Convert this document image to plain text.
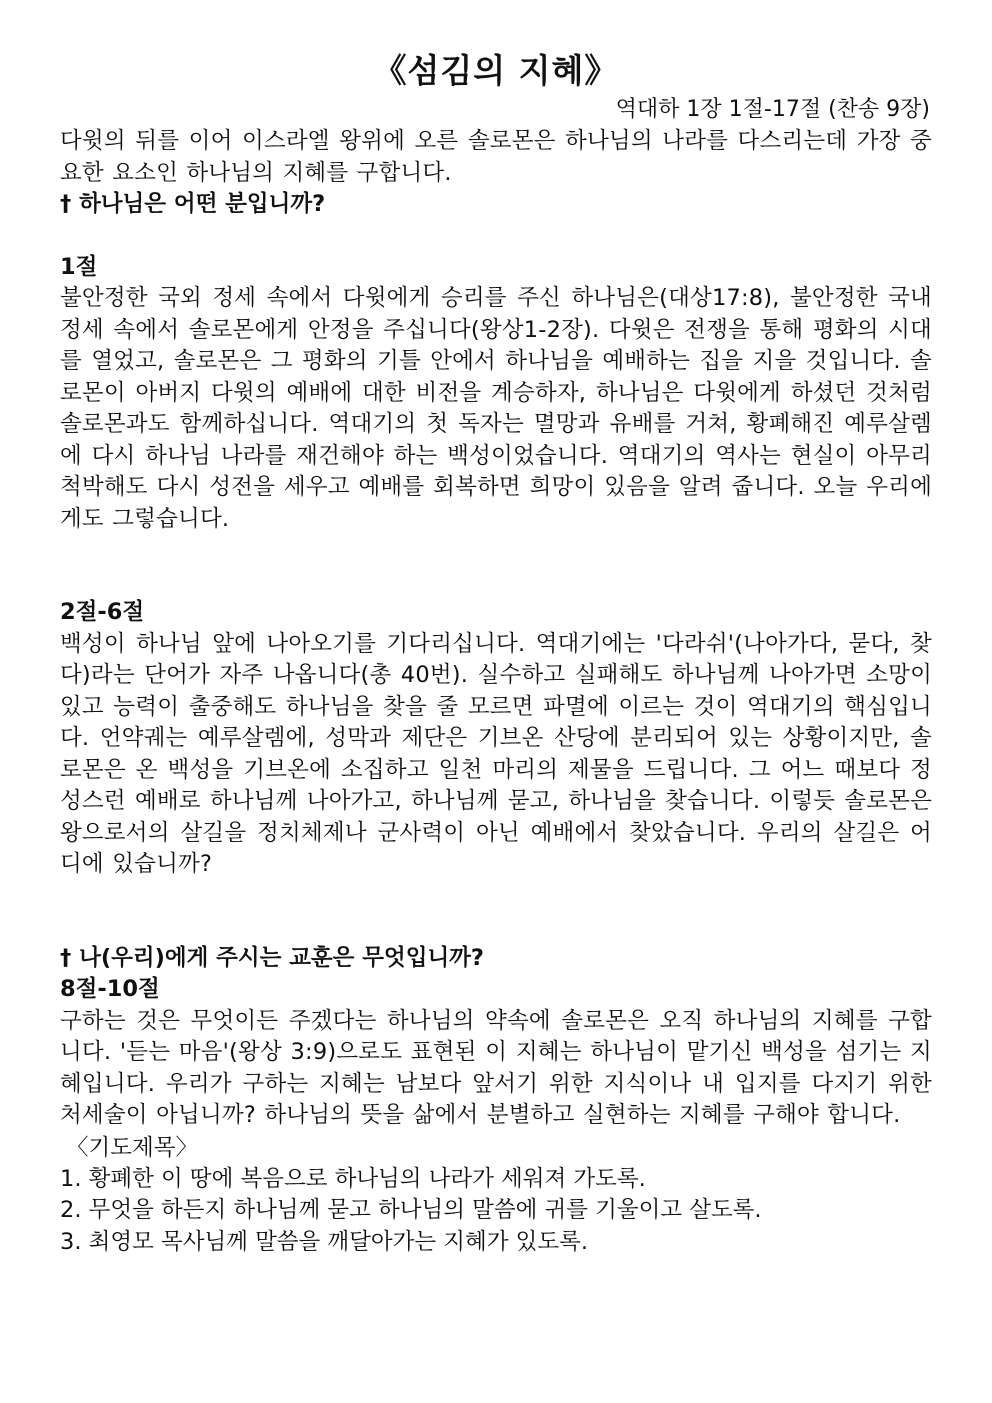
《섬김의 지혜》

역대하 1장 1절-17절 (찬송 9장)

다윗의 뒤를 이어 이스라엘 왕위에 오른 솔로몬은 하나님의 나라를 다스리는데 가장 중요한 요소인 하나님의 지혜를 구합니다.

† 하나님은 어떤 분입니까?

1절

불안정한 국외 정세 속에서 다윗에게 승리를 주신 하나님은(대상17:8), 불안정한 국내 정세 속에서 솔로몬에게 안정을 주십니다(왕상1-2장). 다윗은 전쟁을 통해 평화의 시대를 열었고, 솔로몬은 그 평화의 기틀 안에서 하나님을 예배하는 집을 지을 것입니다. 솔로몬이 아버지 다윗의 예배에 대한 비전을 계승하자, 하나님은 다윗에게 하셨던 것처럼 솔로몬과도 함께하십니다. 역대기의 첫 독자는 멸망과 유배를 거쳐, 황폐해진 예루살렘에 다시 하나님 나라를 재건해야 하는 백성이었습니다. 역대기의 역사는 현실이 아무리 척박해도 다시 성전을 세우고 예배를 회복하면 희망이 있음을 알려 줍니다. 오늘 우리에게도 그렇습니다.

2절-6절

백성이 하나님 앞에 나아오기를 기다리십니다. 역대기에는 '다라쉬'(나아가다, 묻다, 찾다)라는 단어가 자주 나옵니다(총 40번). 실수하고 실패해도 하나님께 나아가면 소망이 있고 능력이 출중해도 하나님을 찾을 줄 모르면 파멸에 이르는 것이 역대기의 핵심입니다. 언약궤는 예루살렘에, 성막과 제단은 기브온 산당에 분리되어 있는 상황이지만, 솔로몬은 온 백성을 기브온에 소집하고 일천 마리의 제물을 드립니다. 그 어느 때보다 정성스런 예배로 하나님께 나아가고, 하나님께 묻고, 하나님을 찾습니다. 이렇듯 솔로몬은 왕으로서의 살길을 정치체제나 군사력이 아닌 예배에서 찾았습니다. 우리의 살길은 어디에 있습니까?

† 나(우리)에게 주시는 교훈은 무엇입니까?

8절-10절

구하는 것은 무엇이든 주겠다는 하나님의 약속에 솔로몬은 오직 하나님의 지혜를 구합니다. '듣는 마음'(왕상 3:9)으로도 표현된 이 지혜는 하나님이 맡기신 백성을 섬기는 지혜입니다. 우리가 구하는 지혜는 남보다 앞서기 위한 지식이나 내 입지를 다지기 위한 처세술이 아닙니까? 하나님의 뜻을 삶에서 분별하고 실현하는 지혜를 구해야 합니다.

〈기도제목〉

1. 황폐한 이 땅에 복음으로 하나님의 나라가 세워져 가도록.
2. 무엇을 하든지 하나님께 묻고 하나님의 말씀에 귀를 기울이고 살도록.
3. 최영모 목사님께 말씀을 깨달아가는 지혜가 있도록.
